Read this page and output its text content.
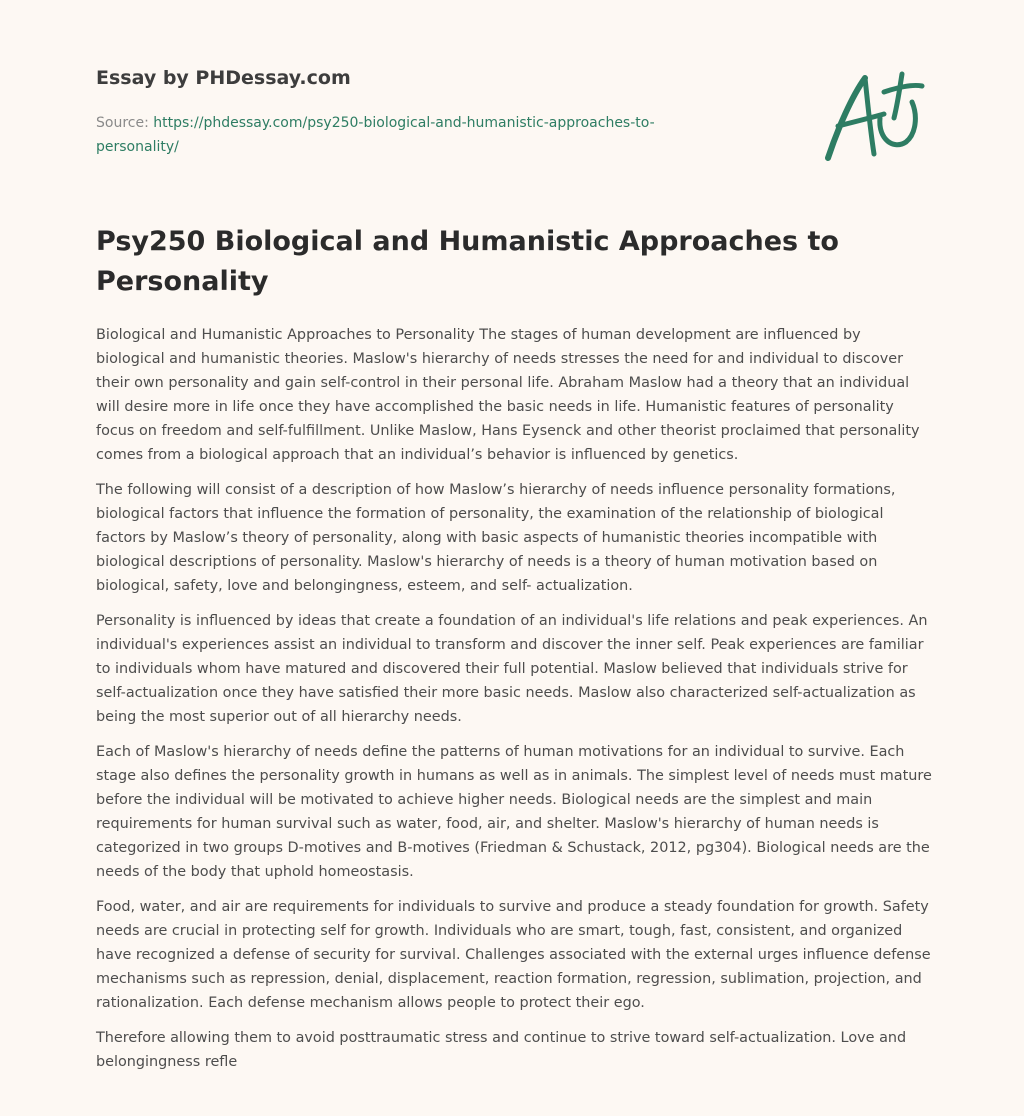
Essay by PHDessay.com
Source: https://phdessay.com/psy250-biological-and-humanistic-approaches-to-
personality/
Psy250 Biological and Humanistic Approaches to Personality

Biological and Humanistic Approaches to Personality The stages of human development are influenced by biological and humanistic theories. Maslow's hierarchy of needs stresses the need for and individual to discover their own personality and gain self-control in their personal life. Abraham Maslow had a theory that an individual will desire more in life once they have accomplished the basic needs in life. Humanistic features of personality focus on freedom and self-fulfillment. Unlike Maslow, Hans Eysenck and other theorist proclaimed that personality comes from a biological approach that an individual’s behavior is influenced by genetics.

The following will consist of a description of how Maslow’s hierarchy of needs influence personality formations, biological factors that influence the formation of personality, the examination of the relationship of biological factors by Maslow’s theory of personality, along with basic aspects of humanistic theories incompatible with biological descriptions of personality. Maslow's hierarchy of needs is a theory of human motivation based on biological, safety, love and belongingness, esteem, and self- actualization.

Personality is influenced by ideas that create a foundation of an individual's life relations and peak experiences. An individual's experiences assist an individual to transform and discover the inner self. Peak experiences are familiar to individuals whom have matured and discovered their full potential. Maslow believed that individuals strive for self-actualization once they have satisfied their more basic needs. Maslow also characterized self-actualization as being the most superior out of all hierarchy needs.

Each of Maslow's hierarchy of needs define the patterns of human motivations for an individual to survive. Each stage also defines the personality growth in humans as well as in animals. The simplest level of needs must mature before the individual will be motivated to achieve higher needs. Biological needs are the simplest and main requirements for human survival such as water, food, air, and shelter. Maslow's hierarchy of human needs is categorized in two groups D-motives and B-motives (Friedman & Schustack, 2012, pg304). Biological needs are the needs of the body that uphold homeostasis.

Food, water, and air are requirements for individuals to survive and produce a steady foundation for growth. Safety needs are crucial in protecting self for growth. Individuals who are smart, tough, fast, consistent, and organized have recognized a defense of security for survival. Challenges associated with the external urges influence defense mechanisms such as repression, denial, displacement, reaction formation, regression, sublimation, projection, and rationalization. Each defense mechanism allows people to protect their ego.

Therefore allowing them to avoid posttraumatic stress and continue to strive toward self-actualization. Love and belongingness refle
